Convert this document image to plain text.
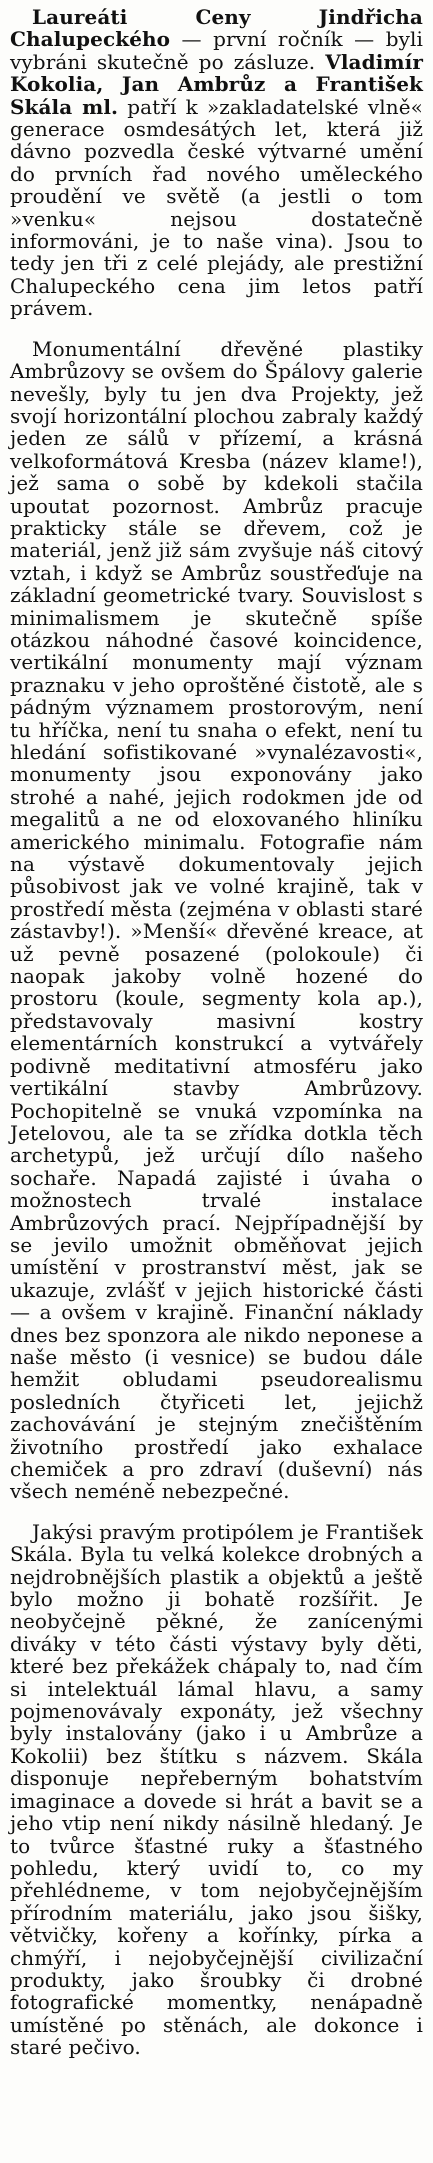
Laureáti Ceny Jindřicha Chalupeckého — první ročník — byli vybráni skutečně po zásluze. Vladimír Kokolia, Jan Ambrůz a František Skála ml. patří k »zakladatelské vlně« generace osmdesátých let, která již dávno pozvedla české výtvarné umění do prvních řad nového uměleckého proudění ve světě (a jestli o tom »venku« nejsou dostatečně informováni, je to naše vina). Jsou to tedy jen tři z celé plejády, ale prestižní Chalupeckého cena jim letos patří právem.

Monumentální dřevěné plastiky Ambrůzovy se ovšem do Špálovy galerie nevešly, byly tu jen dva Projekty, jež svojí horizontální plochou zabraly každý jeden ze sálů v přízemí, a krásná velkoformátová Kresba (název klame!), jež sama o sobě by kdekoli stačila upoutat pozornost. Ambrůz pracuje prakticky stále se dřevem, což je materiál, jenž již sám zvyšuje náš citový vztah, i když se Ambrůz soustřeďuje na základní geometrické tvary. Souvislost s minimalismem je skutečně spíše otázkou náhodné časové koincidence, vertikální monumenty mají význam praznaku v jeho oproštěné čistotě, ale s pádným významem prostorovým, není tu hříčka, není tu snaha o efekt, není tu hledání sofistikované »vynalézavosti«, monumenty jsou exponovány jako strohé a nahé, jejich rodokmen jde od megalitů a ne od eloxovaného hliníku amerického minimalu. Fotografie nám na výstavě dokumentovaly jejich působivost jak ve volné krajině, tak v prostředí města (zejména v oblasti staré zástavby!). »Menší« dřevěné kreace, at už pevně posazené (polokoule) či naopak jakoby volně hozené do prostoru (koule, segmenty kola ap.), představovaly masivní kostry elementárních konstrukcí a vytvářely podivně meditativní atmosféru jako vertikální stavby Ambrůzovy. Pochopitelně se vnuká vzpomínka na Jetelovou, ale ta se zřídka dotkla těch archetypů, jež určují dílo našeho sochaře. Napadá zajisté i úvaha o možnostech trvalé instalace Ambrůzových prací. Nejpřípadnější by se jevilo umožnit obměňovat jejich umístění v prostranství měst, jak se ukazuje, zvlášť v jejich historické části — a ovšem v krajině. Finanční náklady dnes bez sponzora ale nikdo neponese a naše město (i vesnice) se budou dále hemžit obludami pseudorealismu posledních čtyřiceti let, jejichž zachovávání je stejným znečištěním životního prostředí jako exhalace chemiček a pro zdraví (duševní) nás všech neméně nebezpečné.

Jakýsi pravým protipólem je František Skála. Byla tu velká kolekce drobných a nejdrobnějších plastik a objektů a ještě bylo možno ji bohatě rozšířit. Je neobyčejně pěkné, že zanícenými diváky v této části výstavy byly děti, které bez překážek chápaly to, nad čím si intelektuál lámal hlavu, a samy pojmenovávaly exponáty, jež všechny byly instalovány (jako i u Ambrůze a Kokolii) bez štítku s názvem. Skála disponuje nepřeberným bohatstvím imaginace a dovede si hrát a bavit se a jeho vtip není nikdy násilně hledaný. Je to tvůrce šťastné ruky a šťastného pohledu, který uvidí to, co my přehlédneme, v tom nejobyčejnějším přírodním materiálu, jako jsou šišky, větvičky, kořeny a kořínky, pírka a chmýří, i nejobyčejnější civilizační produkty, jako šroubky či drobné fotografické momentky, nenápadně umístěné po stěnách, ale dokonce i staré pečivo.
